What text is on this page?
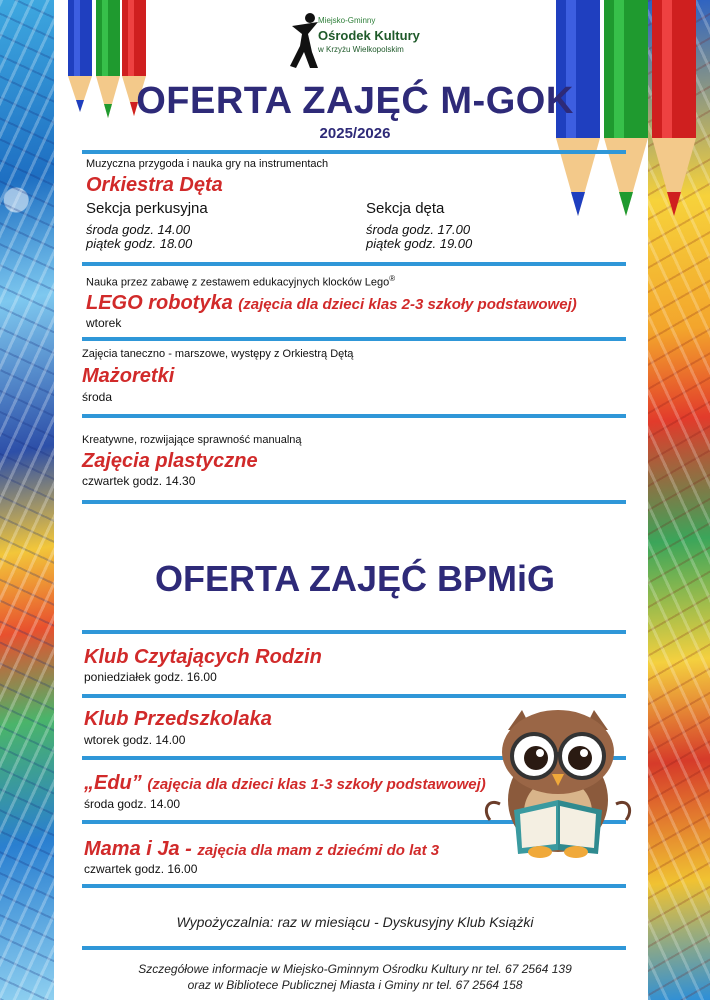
Miejsko-Gminny
Ośrodek Kultury
w Krzyżu Wielkopolskim
OFERTA ZAJĘĆ M-GOK
2025/2026
Muzyczna przygoda i nauka gry na instrumentach
Orkiestra Dęta
Sekcja perkusyjna
środa godz. 14.00
piątek godz. 18.00
Sekcja dęta
środa godz. 17.00
piątek godz. 19.00
Nauka przez zabawę z zestawem edukacyjnych klocków Lego®
LEGO robotyka (zajęcia dla dzieci klas 2-3 szkoły podstawowej)
wtorek
Zajęcia taneczno - marszowe, występy z Orkiestrą Dętą
Mażoretki
środa
Kreatywne, rozwijające sprawność manualną
Zajęcia plastyczne
czwartek godz. 14.30
OFERTA ZAJĘĆ BPMiG
Klub Czytających Rodzin
poniedziałek godz. 16.00
Klub Przedszkolaka
wtorek godz. 14.00
„Edu” (zajęcia dla dzieci klas 1-3 szkoły podstawowej)
środa godz. 14.00
Mama i Ja - zajęcia dla mam z dziećmi do lat 3
czwartek godz. 16.00
Wypożyczalnia: raz w miesiącu - Dyskusyjny Klub Książki
Szczegółowe informacje w Miejsko-Gminnym Ośrodku Kultury nr tel. 67 2564 139
oraz w Bibliotece Publicznej Miasta i Gminy nr tel. 67 2564 158
